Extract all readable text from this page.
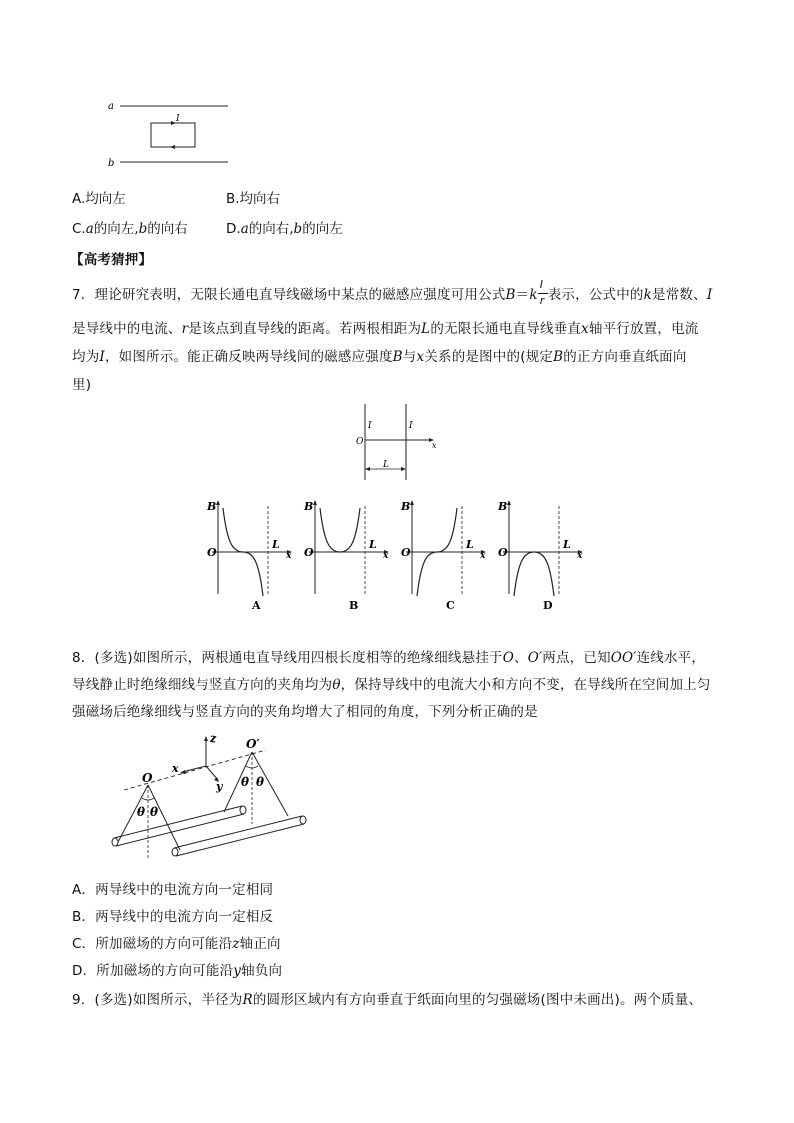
a
I
b
A.均向左	B.均向右
C.a的向左,b的向右	D.a的向右,b的向左
【高考猜押】
7．理论研究表明，无限长通电直导线磁场中某点的磁感应强度可用公式$B=k \frac{I}{r}$ 表示，公式中的k是常数、I
是导线中的电流、r是该点到直导线的距离。若两根相距为L的无限长通电直导线垂直x轴平行放置，电流
均为I，如图所示。能正确反映两导线间的磁感应强度B与x关系的是图中的(规定B的正方向垂直纸面向
里)
I	I
O	x
L
B
O
L
x
A
B
O
L
x
B
B
O
L
x
C
B
O
L
x
D
8．(多选)如图所示，两根通电直导线用四根长度相等的绝缘细线悬挂于O、O′两点，已知OO′连线水平，
导线静止时绝缘细线与竖直方向的夹角均为θ，保持导线中的电流大小和方向不变，在导线所在空间加上匀
强磁场后绝缘细线与竖直方向的夹角均增大了相同的角度，下列分析正确的是
z
x
y
O
O′
θ θ
θ θ
A．两导线中的电流方向一定相同
B．两导线中的电流方向一定相反
C．所加磁场的方向可能沿z轴正向
D．所加磁场的方向可能沿y轴负向
9．(多选)如图所示，半径为R的圆形区域内有方向垂直于纸面向里的匀强磁场(图中未画出)。两个质量、
